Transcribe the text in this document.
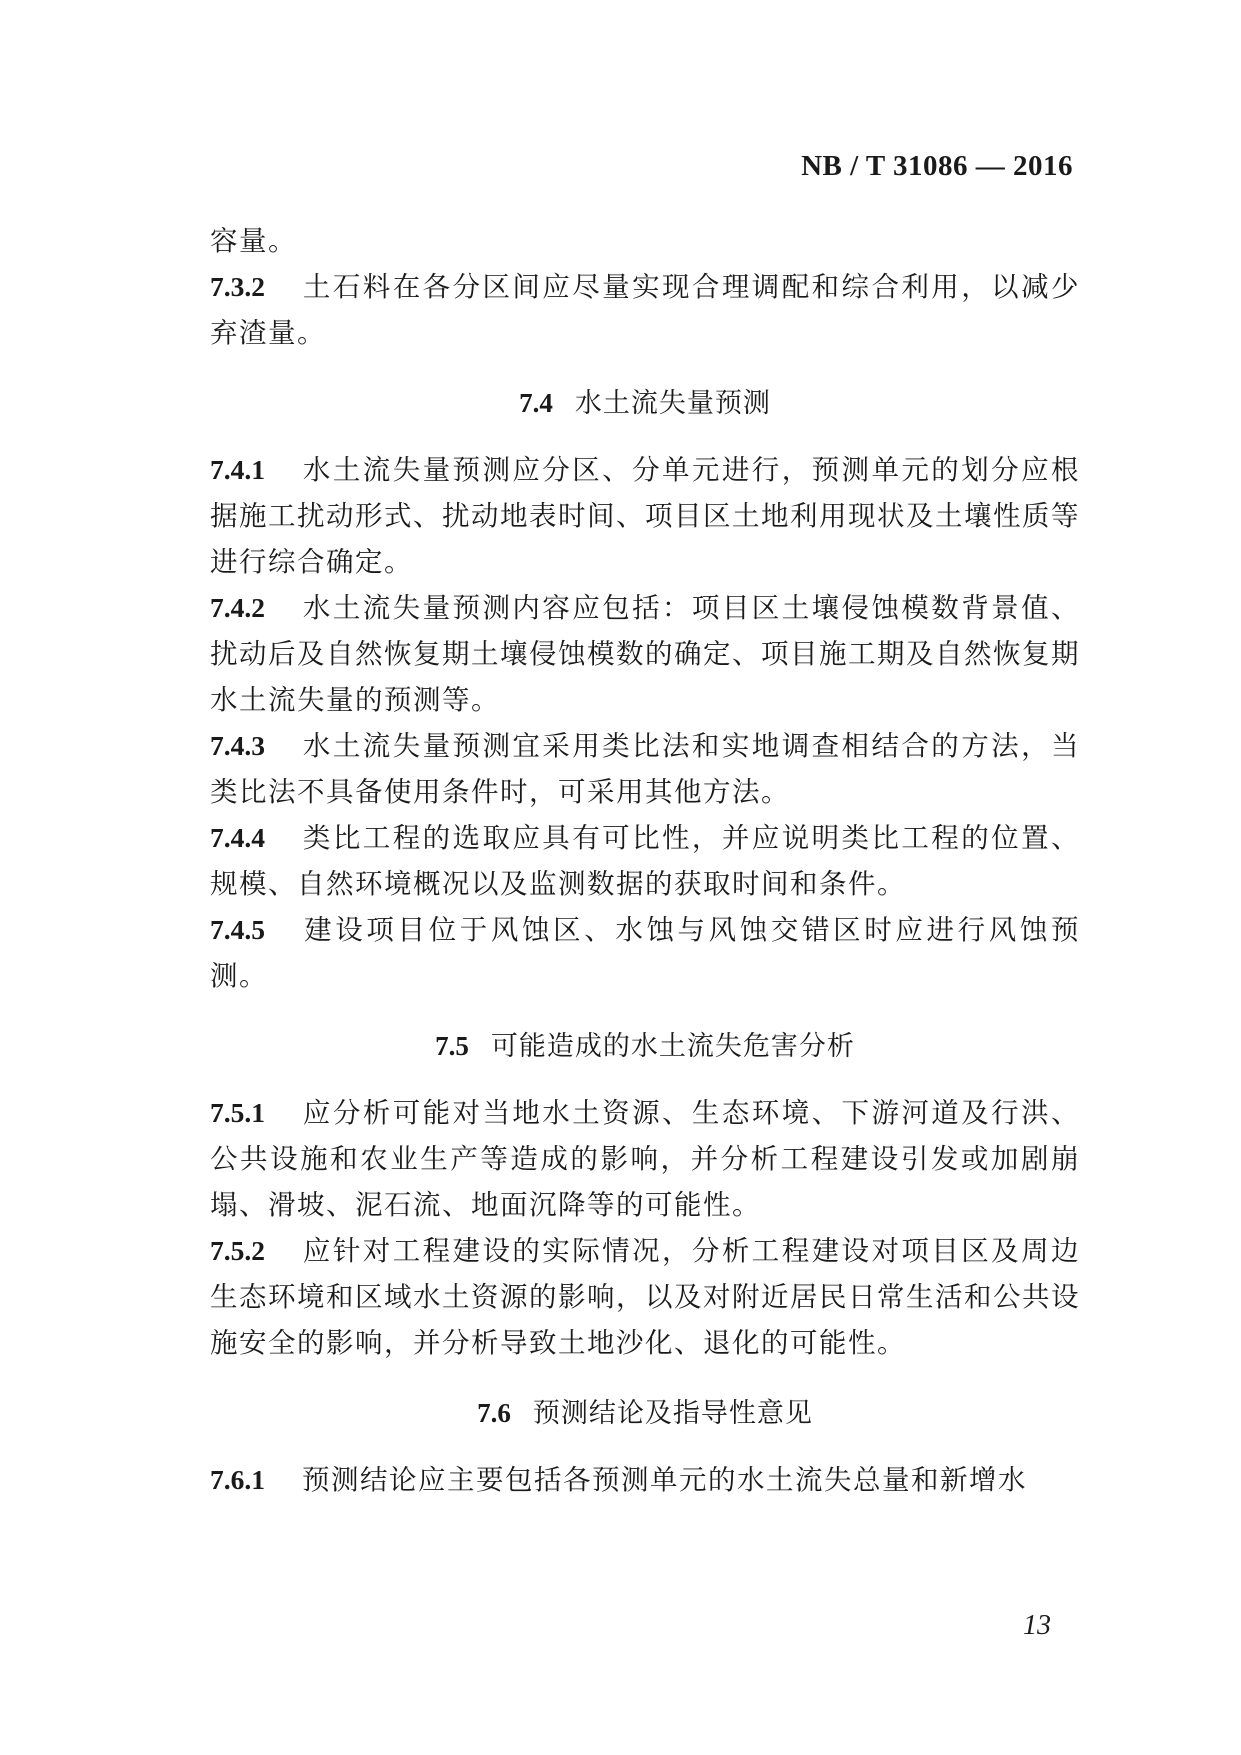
NB / T 31086 — 2016

容量。

7.3.2 土石料在各分区间应尽量实现合理调配和综合利用，以减少弃渣量。

7.4 水土流失量预测

7.4.1 水土流失量预测应分区、分单元进行，预测单元的划分应根据施工扰动形式、扰动地表时间、项目区土地利用现状及土壤性质等进行综合确定。

7.4.2 水土流失量预测内容应包括：项目区土壤侵蚀模数背景值、扰动后及自然恢复期土壤侵蚀模数的确定、项目施工期及自然恢复期水土流失量的预测等。

7.4.3 水土流失量预测宜采用类比法和实地调查相结合的方法，当类比法不具备使用条件时，可采用其他方法。

7.4.4 类比工程的选取应具有可比性，并应说明类比工程的位置、规模、自然环境概况以及监测数据的获取时间和条件。

7.4.5 建设项目位于风蚀区、水蚀与风蚀交错区时应进行风蚀预测。

7.5 可能造成的水土流失危害分析

7.5.1 应分析可能对当地水土资源、生态环境、下游河道及行洪、公共设施和农业生产等造成的影响，并分析工程建设引发或加剧崩塌、滑坡、泥石流、地面沉降等的可能性。

7.5.2 应针对工程建设的实际情况，分析工程建设对项目区及周边生态环境和区域水土资源的影响，以及对附近居民日常生活和公共设施安全的影响，并分析导致土地沙化、退化的可能性。

7.6 预测结论及指导性意见

7.6.1 预测结论应主要包括各预测单元的水土流失总量和新增水

13
